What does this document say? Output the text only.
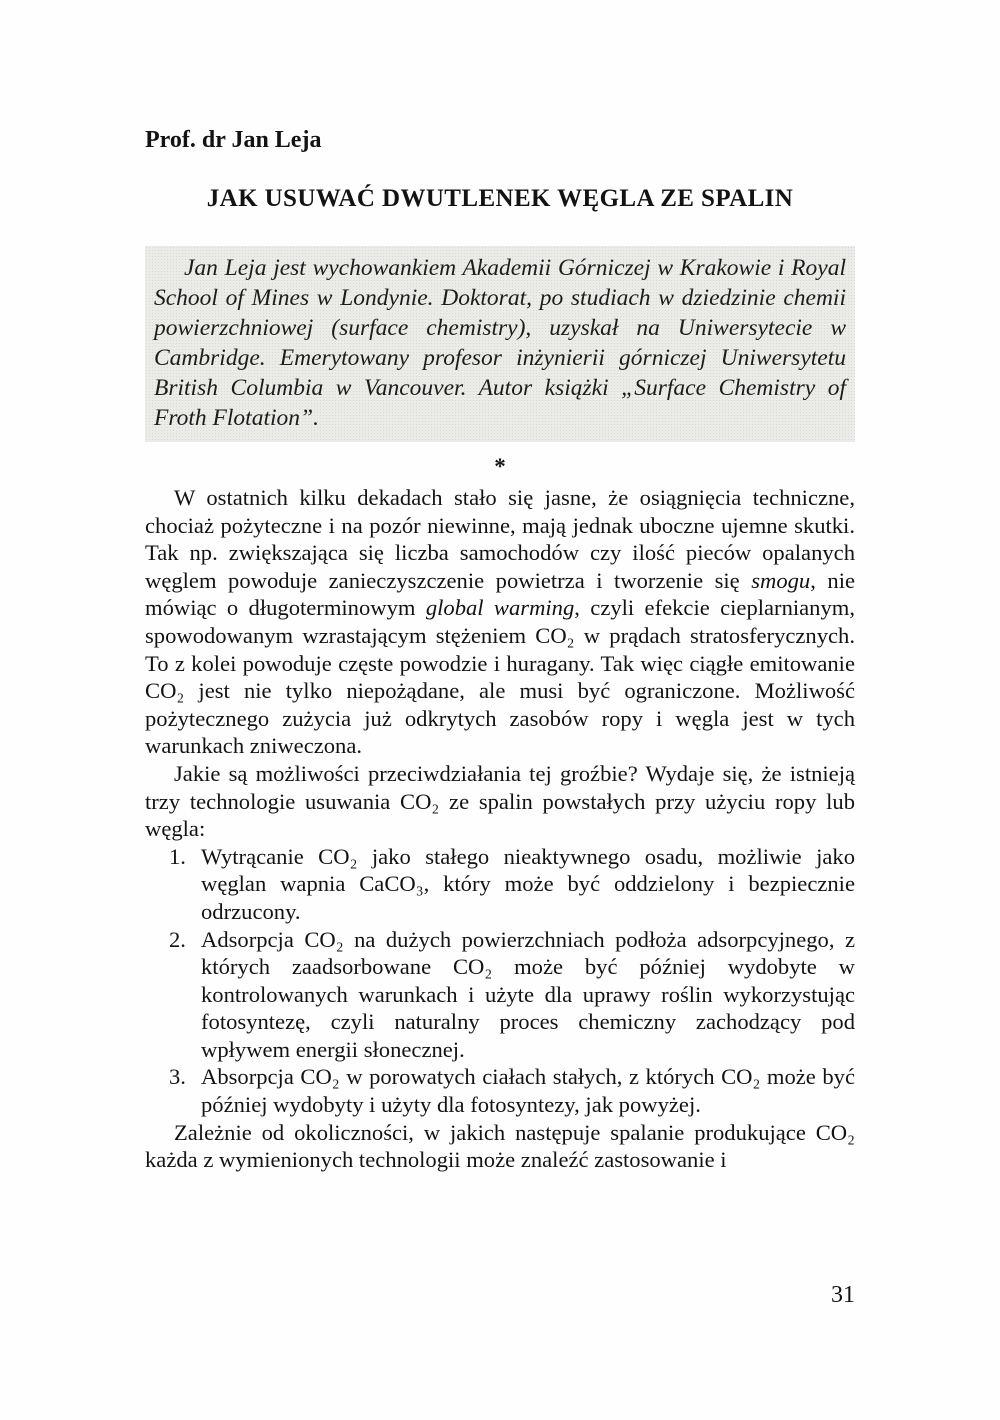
Prof. dr Jan Leja
JAK USUWAĆ DWUTLENEK WĘGLA ZE SPALIN
Jan Leja jest wychowankiem Akademii Górniczej w Krakowie i Royal School of Mines w Londynie. Doktorat, po studiach w dziedzinie chemii powierzchniowej (surface chemistry), uzyskał na Uniwersytecie w Cambridge. Emerytowany profesor inżynierii górniczej Uniwersytetu British Columbia w Vancouver. Autor książki „Surface Chemistry of Froth Flotation”.
*
W ostatnich kilku dekadach stało się jasne, że osiągnięcia techniczne, chociaż pożyteczne i na pozór niewinne, mają jednak uboczne ujemne skutki. Tak np. zwiększająca się liczba samochodów czy ilość pieców opalanych węglem powoduje zanieczyszczenie powietrza i tworzenie się smogu, nie mówiąc o długoterminowym global warming, czyli efekcie cieplarnianym, spowodowanym wzrastającym stężeniem CO₂ w prądach stratosferycznych. To z kolei powoduje częste powodzie i huragany. Tak więc ciągłe emitowanie CO₂ jest nie tylko niepożądane, ale musi być ograniczone. Możliwość pożytecznego zużycia już odkrytych zasobów ropy i węgla jest w tych warunkach zniweczona.
Jakie są możliwości przeciwdziałania tej groźbie? Wydaje się, że istnieją trzy technologie usuwania CO₂ ze spalin powstałych przy użyciu ropy lub węgla:
1. Wytrącanie CO₂ jako stałego nieaktywnego osadu, możliwie jako węglan wapnia CaCO₃, który może być oddzielony i bezpiecznie odrzucony.
2. Adsorpcja CO₂ na dużych powierzchniach podłoża adsorpcyjnego, z których zaadsorbowane CO₂ może być później wydobyte w kontrolowanych warunkach i użyte dla uprawy roślin wykorzystując fotosyntezę, czyli naturalny proces chemiczny zachodzący pod wpływem energii słonecznej.
3. Absorpcja CO₂ w porowatych ciałach stałych, z których CO₂ może być później wydobyty i użyty dla fotosyntezy, jak powyżej.
Zależnie od okoliczności, w jakich następuje spalanie produkujące CO₂ każda z wymienionych technologii może znaleźć zastosowanie i
31
